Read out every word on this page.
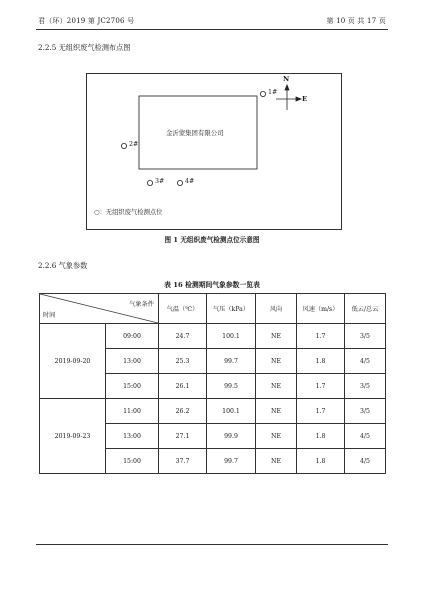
君（环）2019 第 JC2706 号	第 10 页 共 17 页
2.2.5 无组织废气检测布点图
金沂蒙集团有限公司
1#
2#
3#	4#
N
E
○：无组织废气检测点位
图 1 无组织废气检测点位示意图
2.2.6 气象参数
表 16 检测期间气象参数一览表
气象条件
时间		气温（℃）	气压（kPa）	风向	风速（m/s）	低云/总云
2019-09-20	09:00	24.7	100.1	NE	1.7	3/5
	13:00	25.3	99.7	NE	1.8	4/5
	15:00	26.1	99.5	NE	1.7	3/5
2019-09-23	11:00	26.2	100.1	NE	1.7	3/5
	13:00	27.1	99.9	NE	1.8	4/5
	15:00	37.7	99.7	NE	1.8	4/5
